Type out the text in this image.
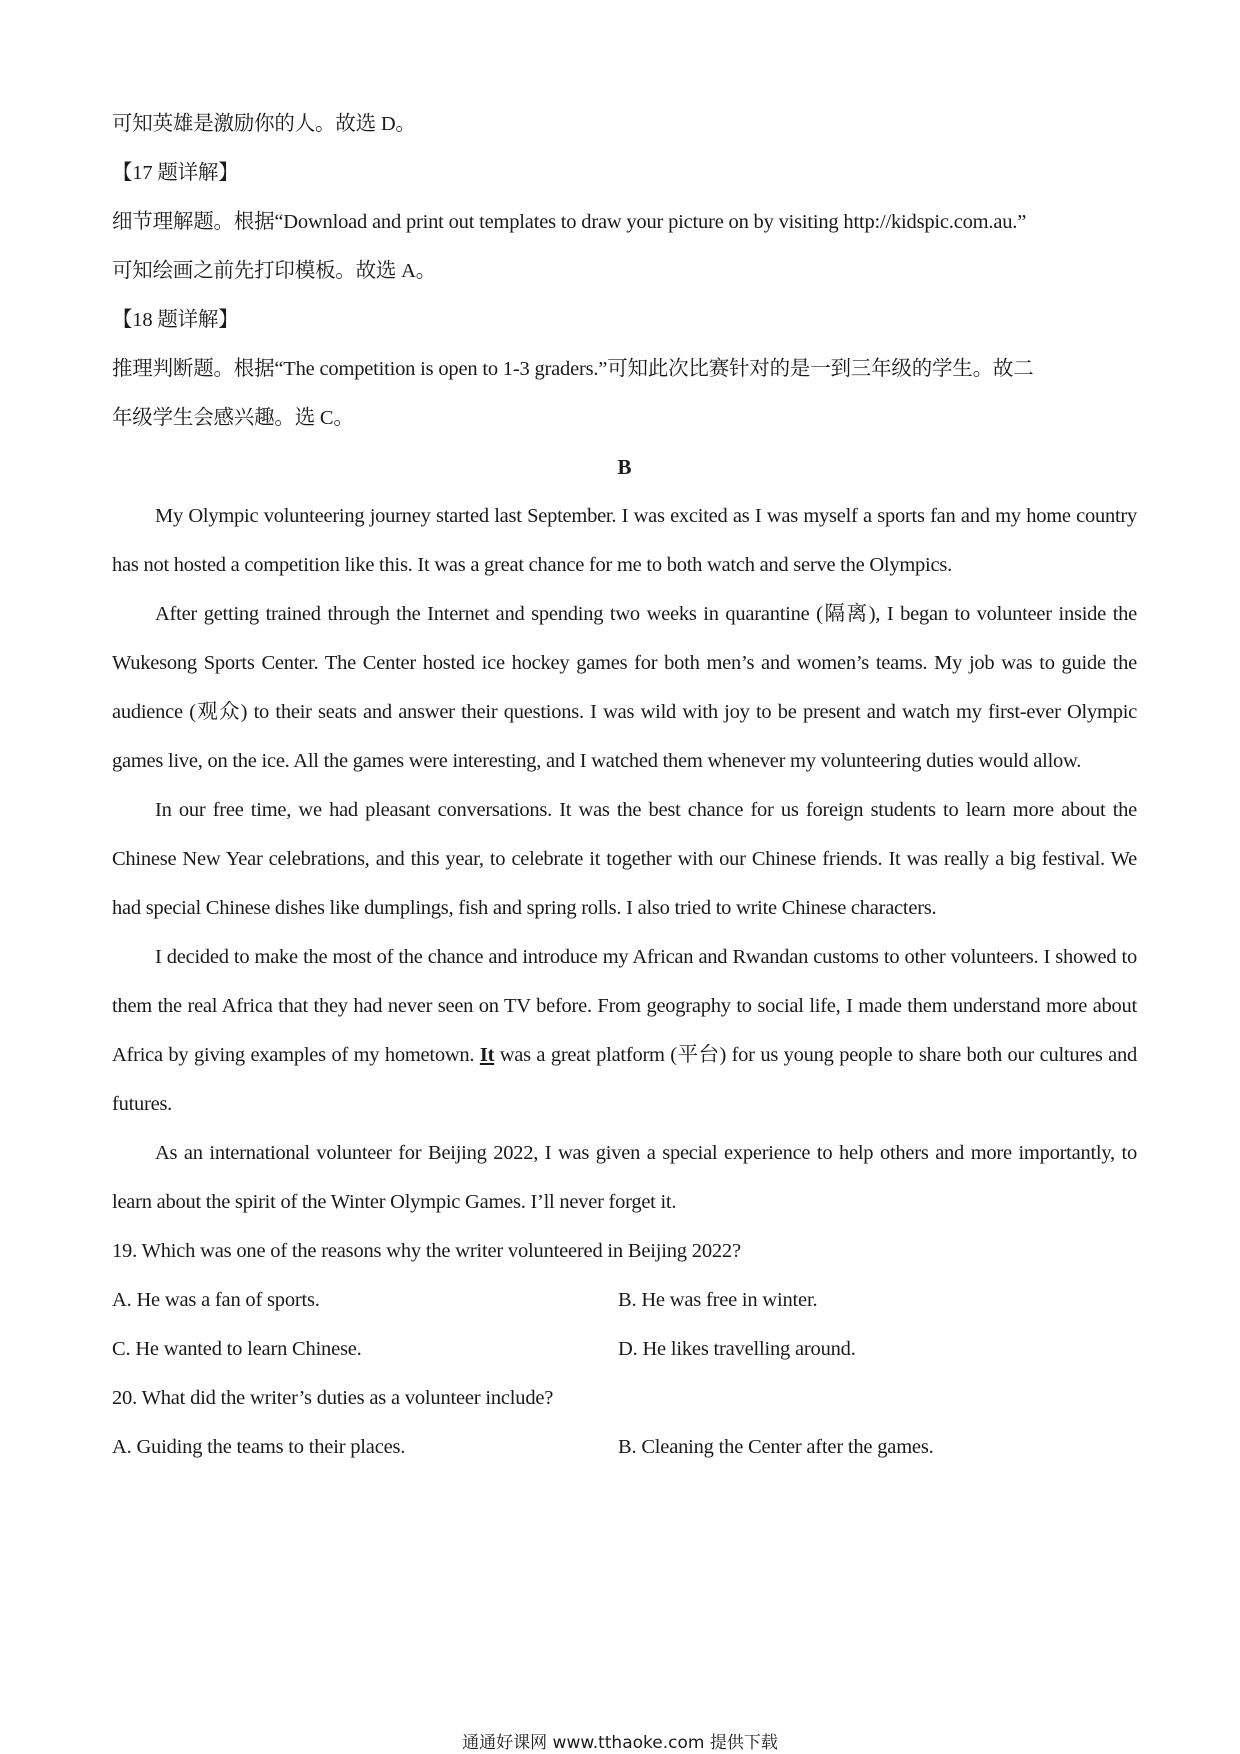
可知英雄是激励你的人。故选 D。
【17 题详解】
细节理解题。根据“Download and print out templates to draw your picture on by visiting http://kidspic.com.au.”
可知绘画之前先打印模板。故选 A。
【18 题详解】
推理判断题。根据“The competition is open to 1-3 graders.”可知此次比赛针对的是一到三年级的学生。故二
年级学生会感兴趣。选 C。
B

My Olympic volunteering journey started last September. I was excited as I was myself a sports fan and my home country has not hosted a competition like this. It was a great chance for me to both watch and serve the Olympics.

After getting trained through the Internet and spending two weeks in quarantine (隔离), I began to volunteer inside the Wukesong Sports Center. The Center hosted ice hockey games for both men’s and women’s teams. My job was to guide the audience (观众) to their seats and answer their questions. I was wild with joy to be present and watch my first-ever Olympic games live, on the ice. All the games were interesting, and I watched them whenever my volunteering duties would allow.

In our free time, we had pleasant conversations. It was the best chance for us foreign students to learn more about the Chinese New Year celebrations, and this year, to celebrate it together with our Chinese friends. It was really a big festival. We had special Chinese dishes like dumplings, fish and spring rolls. I also tried to write Chinese characters.

I decided to make the most of the chance and introduce my African and Rwandan customs to other volunteers. I showed to them the real Africa that they had never seen on TV before. From geography to social life, I made them understand more about Africa by giving examples of my hometown. It was a great platform (平台) for us young people to share both our cultures and futures.

As an international volunteer for Beijing 2022, I was given a special experience to help others and more importantly, to learn about the spirit of the Winter Olympic Games. I’ll never forget it.

19. Which was one of the reasons why the writer volunteered in Beijing 2022?
A. He was a fan of sports.	B. He was free in winter.
C. He wanted to learn Chinese.	D. He likes travelling around.
20. What did the writer’s duties as a volunteer include?
A. Guiding the teams to their places.	B. Cleaning the Center after the games.
通通好课网 www.tthaoke.com 提供下载
